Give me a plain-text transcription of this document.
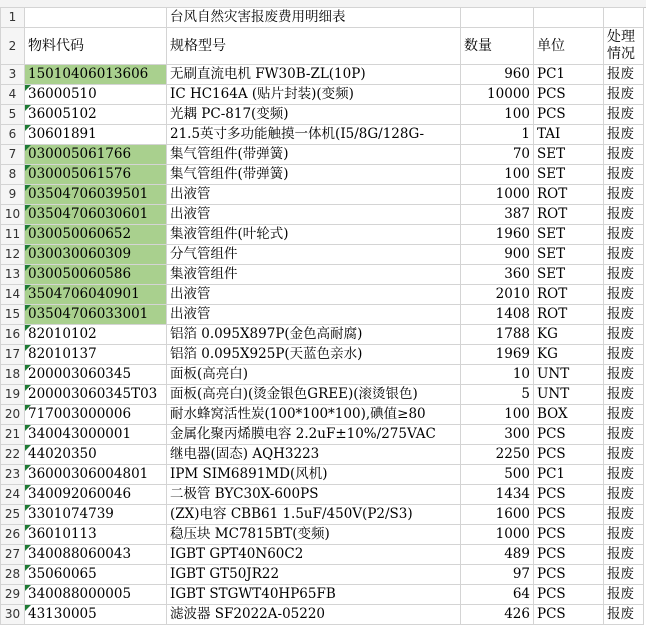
1		台风自然灾害报废费用明细表			
2	物料代码	规格型号	数量	单位	处理情况

3	15010406013606	无刷直流电机 FW30B-ZL(10P)	960	PC1	报废
4	36000510	IC HC164A (贴片封装)(变频)	10000	PCS	报废
5	36005102	光耦 PC-817(变频)	100	PCS	报废
6	30601891	21.5英寸多功能触摸一体机(I5/8G/128G-	1	TAI	报废
7	030005061766	集气管组件(带弹簧)	70	SET	报废
8	030005061576	集气管组件(带弹簧)	100	SET	报废
9	03504706039501	出液管	1000	ROT	报废
10	03504706030601	出液管	387	ROT	报废
11	030050060652	集液管组件(叶轮式)	1960	SET	报废
12	030030060309	分气管组件	900	SET	报废
13	030050060586	集液管组件	360	SET	报废
14	3504706040901	出液管	2010	ROT	报废
15	03504706033001	出液管	1408	ROT	报废
16	82010102	铝箔 0.095X897P(金色高耐腐)	1788	KG	报废
17	82010137	铝箔 0.095X925P(天蓝色亲水)	1969	KG	报废
18	200003060345	面板(高亮白)	10	UNT	报废
19	200003060345T03	面板(高亮白)(烫金银色GREE)(滚烫银色)	5	UNT	报废
20	717003000006	耐水蜂窝活性炭(100*100*100),碘值≥80	100	BOX	报废
21	340043000001	金属化聚丙烯膜电容 2.2uF±10%/275VAC	300	PCS	报废
22	44020350	继电器(固态) AQH3223	2250	PCS	报废
23	36000306004801	IPM SIM6891MD(风机)	500	PC1	报废
24	340092060046	二极管 BYC30X-600PS	1434	PCS	报废
25	3301074739	(ZX)电容 CBB61 1.5uF/450V(P2/S3)	1600	PCS	报废
26	36010113	稳压块 MC7815BT(变频)	1000	PCS	报废
27	340088060043	IGBT GPT40N60C2	489	PCS	报废
28	35060065	IGBT GT50JR22	97	PCS	报废
29	340088000005	IGBT STGWT40HP65FB	64	PCS	报废
30	43130005	滤波器 SF2022A-05220	426	PCS	报废
